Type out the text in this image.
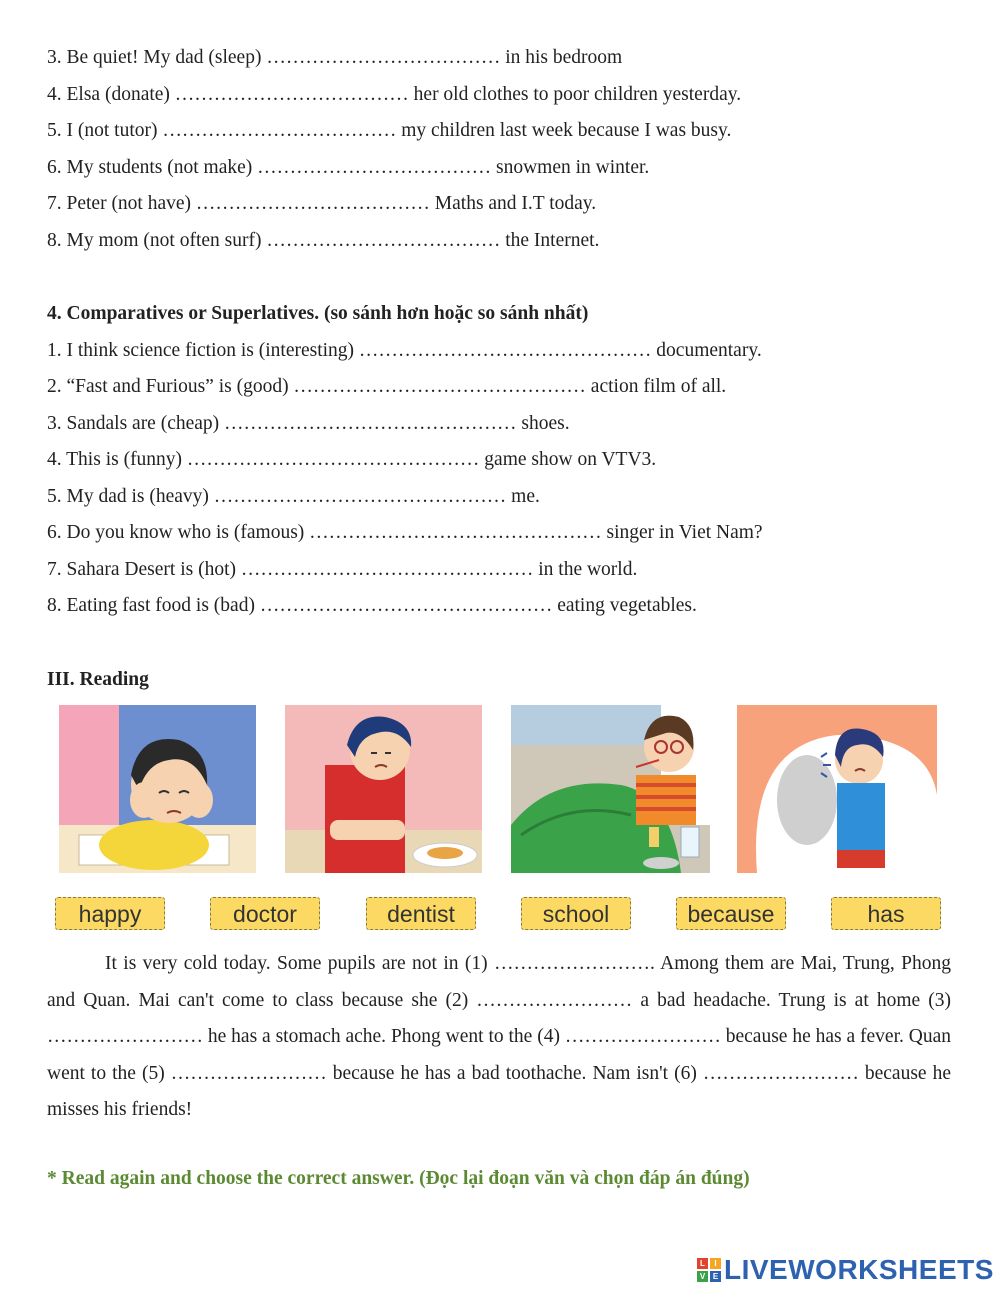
3. Be quiet! My dad (sleep) ……………………………… in his bedroom
4. Elsa (donate) ……………………………… her old clothes to poor children yesterday.
5. I (not tutor) ……………………………… my children last week because I was busy.
6. My students (not make) ……………………………… snowmen in winter.
7. Peter (not have) ……………………………… Maths and I.T today.
8. My mom (not often surf) ……………………………… the Internet.
4. Comparatives or Superlatives. (so sánh hơn hoặc so sánh nhất)
1. I think science fiction is (interesting) ……………………………………… documentary.
2. “Fast and Furious” is (good) ……………………………………… action film of all.
3. Sandals are (cheap) ……………………………………… shoes.
4. This is (funny) ……………………………………… game show on VTV3.
5. My dad is (heavy) ……………………………………… me.
6. Do you know who is (famous) ……………………………………… singer in Viet Nam?
7. Sahara Desert is (hot) ……………………………………… in the world.
8. Eating fast food is (bad) ……………………………………… eating vegetables.
III. Reading
happy	doctor	dentist	school	because	has
It is very cold today. Some pupils are not in (1) ……………………. Among them are Mai, Trung, Phong and Quan. Mai can't come to class because she (2) …………………… a bad headache. Trung is at home (3) …………………… he has a stomach ache. Phong went to the (4) …………………… because he has a fever. Quan went to the (5) …………………… because he has a bad toothache. Nam isn't (6) …………………… because he misses his friends!
* Read again and choose the correct answer. (Đọc lại đoạn văn và chọn đáp án đúng)
L	I
V E LIVEWORKSHEETS
